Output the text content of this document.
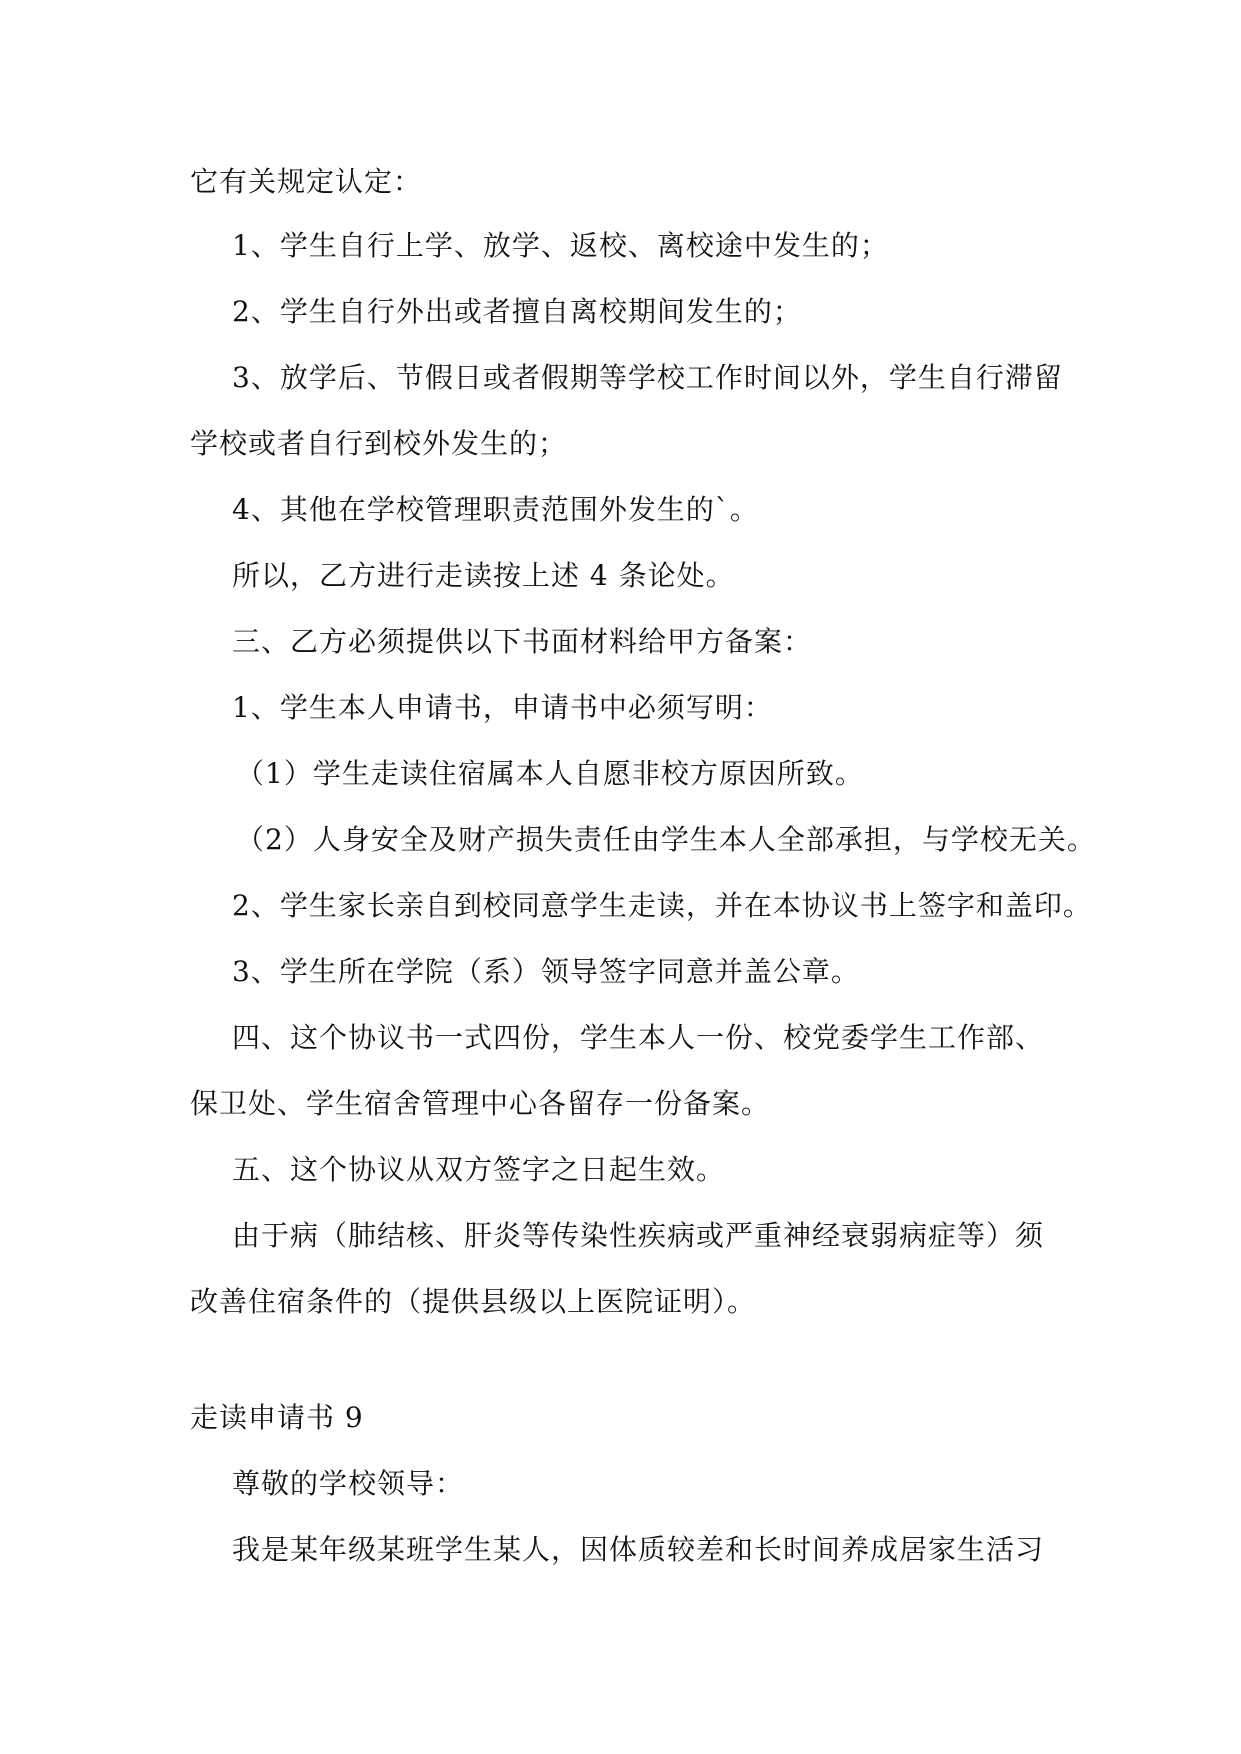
它有关规定认定：
1、学生自行上学、放学、返校、离校途中发生的；
2、学生自行外出或者擅自离校期间发生的；
3、放学后、节假日或者假期等学校工作时间以外，学生自行滞留
学校或者自行到校外发生的；
4、其他在学校管理职责范围外发生的`。
所以，乙方进行走读按上述 4 条论处。
三、乙方必须提供以下书面材料给甲方备案：
1、学生本人申请书，申请书中必须写明：
（1）学生走读住宿属本人自愿非校方原因所致。
（2）人身安全及财产损失责任由学生本人全部承担，与学校无关。
2、学生家长亲自到校同意学生走读，并在本协议书上签字和盖印。
3、学生所在学院（系）领导签字同意并盖公章。
四、这个协议书一式四份，学生本人一份、校党委学生工作部、
保卫处、学生宿舍管理中心各留存一份备案。
五、这个协议从双方签字之日起生效。
由于病（肺结核、肝炎等传染性疾病或严重神经衰弱病症等）须
改善住宿条件的（提供县级以上医院证明）。
走读申请书 9
尊敬的学校领导：
我是某年级某班学生某人，因体质较差和长时间养成居家生活习
